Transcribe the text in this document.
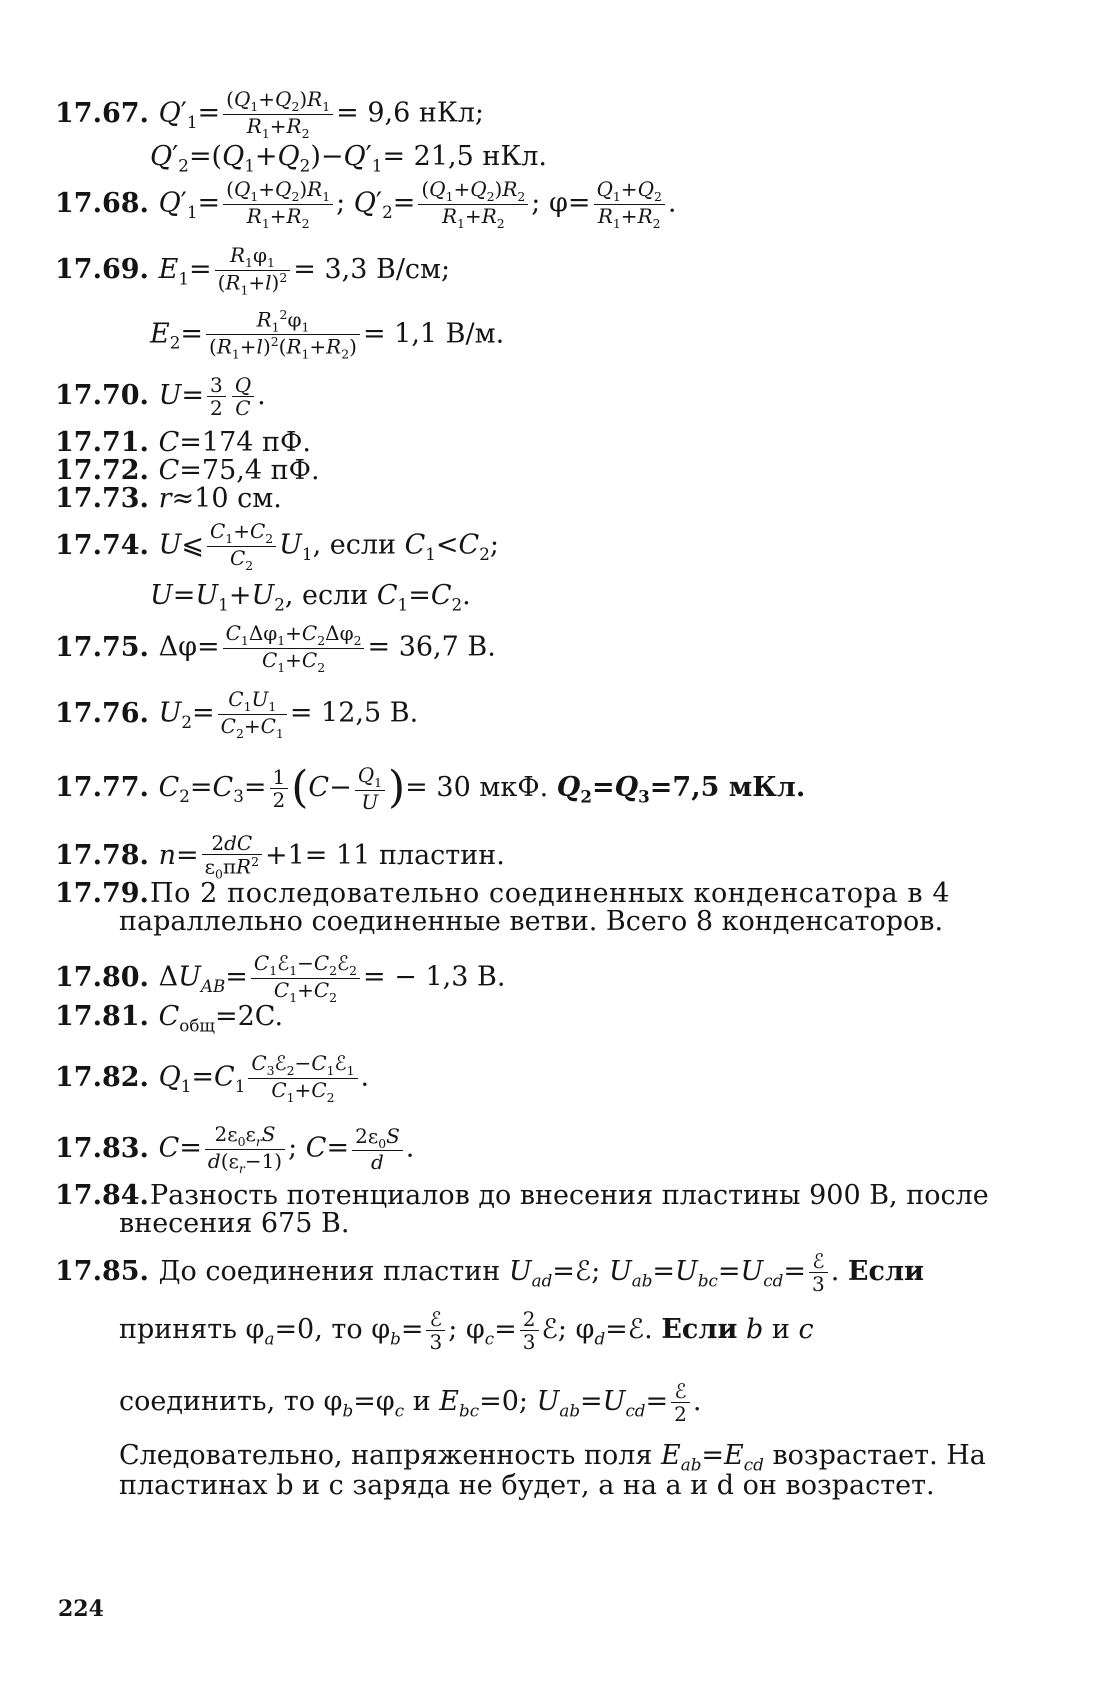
17.67. $Q'_1= \frac{(Q_1+Q_2)R_1}{R_1+R_2} = 9,6$ нКл;
$Q'_2=(Q_1+Q_2)-Q'_1= 21,5$ нКл.
17.68. $Q'_1= \frac{(Q_1+Q_2)R_1}{R_1+R_2}$ ; $Q'_2= \frac{(Q_1+Q_2)R_2}{R_1+R_2}$ ; $\varphi= \frac{Q_1+Q_2}{R_1+R_2}$ .
17.69. $E_1= \frac{R_1\varphi_1}{(R_1+l)^2} = 3,3$ В/см;
$E_2= \frac{R_1^2\varphi_1}{(R_1+l)^2(R_1+R_2)} = 1,1$ В/м.
17.70. $U= \frac{3}{2} \frac{Q}{C}$ .
17.71. C=174 пФ.
17.72. C=75,4 пФ.
17.73. r≈10 см.
17.74. U⩽ $\frac{C_1+C_2}{C_2} U_1$, если $C_1<C_2$;
$U=U_1+U_2$, если $C_1=C_2$.
17.75. $\Delta\varphi= \frac{C_1\Delta\varphi_1+C_2\Delta\varphi_2}{C_1+C_2} = 36,7$ В.
17.76. $U_2= \frac{C_1U_1}{C_2+C_1} = 12,5$ В.
17.77. $C_2=C_3= \frac{1}{2} (C- \frac{Q_1}{U}$ )= 30 мкФ. $Q_2=Q_3=7,5$ мКл.
17.78. $n= \frac{2dC}{\varepsilon_0\pi R^2} +1= 11$ пластин.
17.79.По 2 последовательно соединенных конденсатора в 4
параллельно соединенные ветви. Всего 8 конденсаторов.
17.80. $\Delta U_{AB}= \frac{C_1ℰ_1-C_2ℰ_2}{C_1+C_2}$ = − 1,3 В.
17.81. $C_{общ}=2C$.
17.82. $Q_1=C_1 \frac{C_3ℰ_2-C_1ℰ_1}{C_1+C_2}$ .
17.83. $C= \frac{2\varepsilon_0\varepsilon_rS}{d(\varepsilon_r-1)}$ ; $C= \frac{2\varepsilon_0S}{d}$ .
17.84.Разность потенциалов до внесения пластины 900 В, после
внесения 675 В.
17.85. До соединения пластин $U_{ad}=ℰ$; $U_{ab}=U_{bc}=U_{cd}= \frac{\text{ℰ}}{3}$ . Если
принять $\varphi_a=0$, то $\varphi_b= \frac{\text{ℰ}}{3}$ ; $\varphi_c= \frac{2}{3}$ ℰ; $\varphi_d=ℰ$. Если b и c
соединить, то $\varphi_b=\varphi_c$ и $E_{bc}=0$; $U_{ab}=U_{cd}= \frac{\text{ℰ}}{2}$ .
Следовательно, напряженность поля $E_{ab}=E_{cd}$ возрастает. На
пластинах b и c заряда не будет, а на a и d он возрастет.
224
